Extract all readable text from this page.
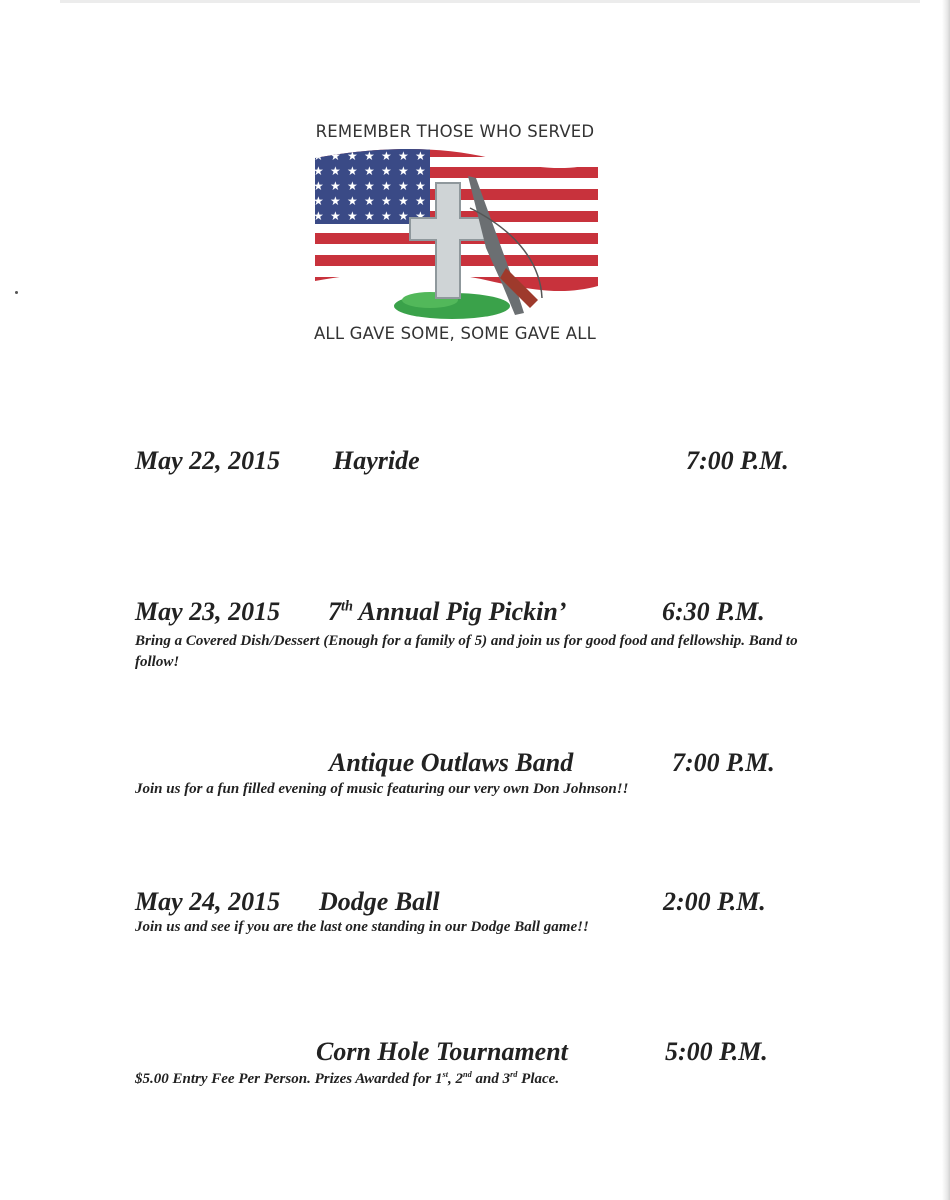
REMEMBER THOSE WHO SERVED
ALL GAVE SOME, SOME GAVE ALL
May 22, 2015 Hayride	7:00 P.M.
May 23, 2015 7th Annual Pig Pickin’	6:30 P.M.
Bring a Covered Dish/Dessert (Enough for a family of 5) and join us for good food and fellowship. Band to follow!
Antique Outlaws Band	7:00 P.M.
Join us for a fun filled evening of music featuring our very own Don Johnson!!
May 24, 2015 Dodge Ball	2:00 P.M.
Join us and see if you are the last one standing in our Dodge Ball game!!
Corn Hole Tournament	5:00 P.M.
$5.00 Entry Fee Per Person. Prizes Awarded for 1st, 2nd and 3rd Place.
